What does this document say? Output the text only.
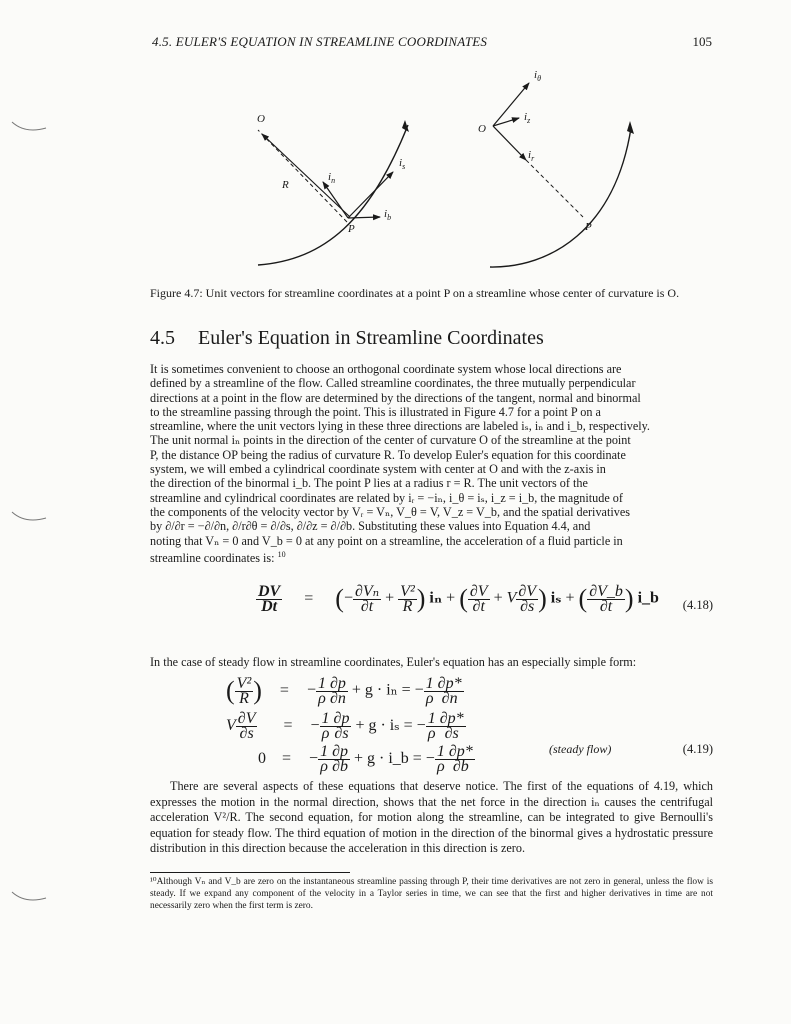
4.5. EULER'S EQUATION IN STREAMLINE COORDINATES	105
O
R
P
$i_n$
$i_s$
$i_b$
O
P
$i_\theta$
$i_z$
$i_r$
Figure 4.7: Unit vectors for streamline coordinates at a point P on a streamline whose center of curvature is O.
4.5 Euler's Equation in Streamline Coordinates
It is sometimes convenient to choose an orthogonal coordinate system whose local directions are
defined by a streamline of the flow. Called streamline coordinates, the three mutually perpendicular
directions at a point in the flow are determined by the directions of the tangent, normal and binormal
to the streamline passing through the point. This is illustrated in Figure 4.7 for a point P on a
streamline, where the unit vectors lying in these three directions are labeled iₛ, iₙ and i_b, respectively.
The unit normal iₙ points in the direction of the center of curvature O of the streamline at the point
P, the distance OP being the radius of curvature R. To develop Euler's equation for this coordinate
system, we will embed a cylindrical coordinate system with center at O and with the z-axis in
the direction of the binormal i_b. The point P lies at a radius r = R. The unit vectors of the
streamline and cylindrical coordinates are related by iᵣ = −iₙ, i_θ = iₛ, i_z = i_b, the magnitude of
the components of the velocity vector by Vᵣ = Vₙ, V_θ = V, V_z = V_b, and the spatial derivatives
by ∂/∂r = −∂/∂n, ∂/r∂θ = ∂/∂s, ∂/∂z = ∂/∂b. Substituting these values into Equation 4.4, and
noting that Vₙ = 0 and V_b = 0 at any point on a streamline, the acceleration of a fluid particle in
streamline coordinates is: $^{10}$
$\frac{DV}{Dt}$ = (− $\frac{\text{∂Vₙ}}{\partial t} + \frac{\text{V²}}{R}$ ) iₙ + ( $\frac{\partial V}{\partial t} + V \frac{\partial V}{\partial s}$ ) iₛ + ( $\frac{\partial V\_b}{\partial t}$ ) i_b (4.18)
In the case of steady flow in streamline coordinates, Euler's equation has an especially simple form:
( $\frac{\text{V²}}{R}$ ) = − $\frac{1}{\rho} \frac{\partial p}{\partial n} + g \cdot i_n$ = − $\frac{1}{\rho} \frac{\partial p*}{\partial n}$
V $\frac{\partial V}{\partial s}$ = − $\frac{1}{\rho} \frac{\partial p}{\partial s} + g \cdot i_s$ = − $\frac{1}{\rho} \frac{\partial p*}{\partial s}$
0 = − $\frac{1}{\rho} \frac{\partial p}{\partial b} + g$ · i_b = − $\frac{1}{\rho} \frac{\partial p*}{\partial b}$	(steady flow)	(4.19)
There are several aspects of these equations that deserve notice. The first of the equations of 4.19, which expresses the motion in the normal direction, shows that the net force in the direction iₙ causes the centrifugal acceleration V²/R. The second equation, for motion along the streamline, can be integrated to give Bernoulli's equation for steady flow. The third equation of motion in the direction of the binormal gives a hydrostatic pressure distribution in this direction because the acceleration in this direction is zero.
¹⁰Although Vₙ and V_b are zero on the instantaneous streamline passing through P, their time derivatives are not zero in general, unless the flow is steady. If we expand any component of the velocity in a Taylor series in time, we can see that the first and higher derivatives in time are not necessarily zero when the first term is zero.
